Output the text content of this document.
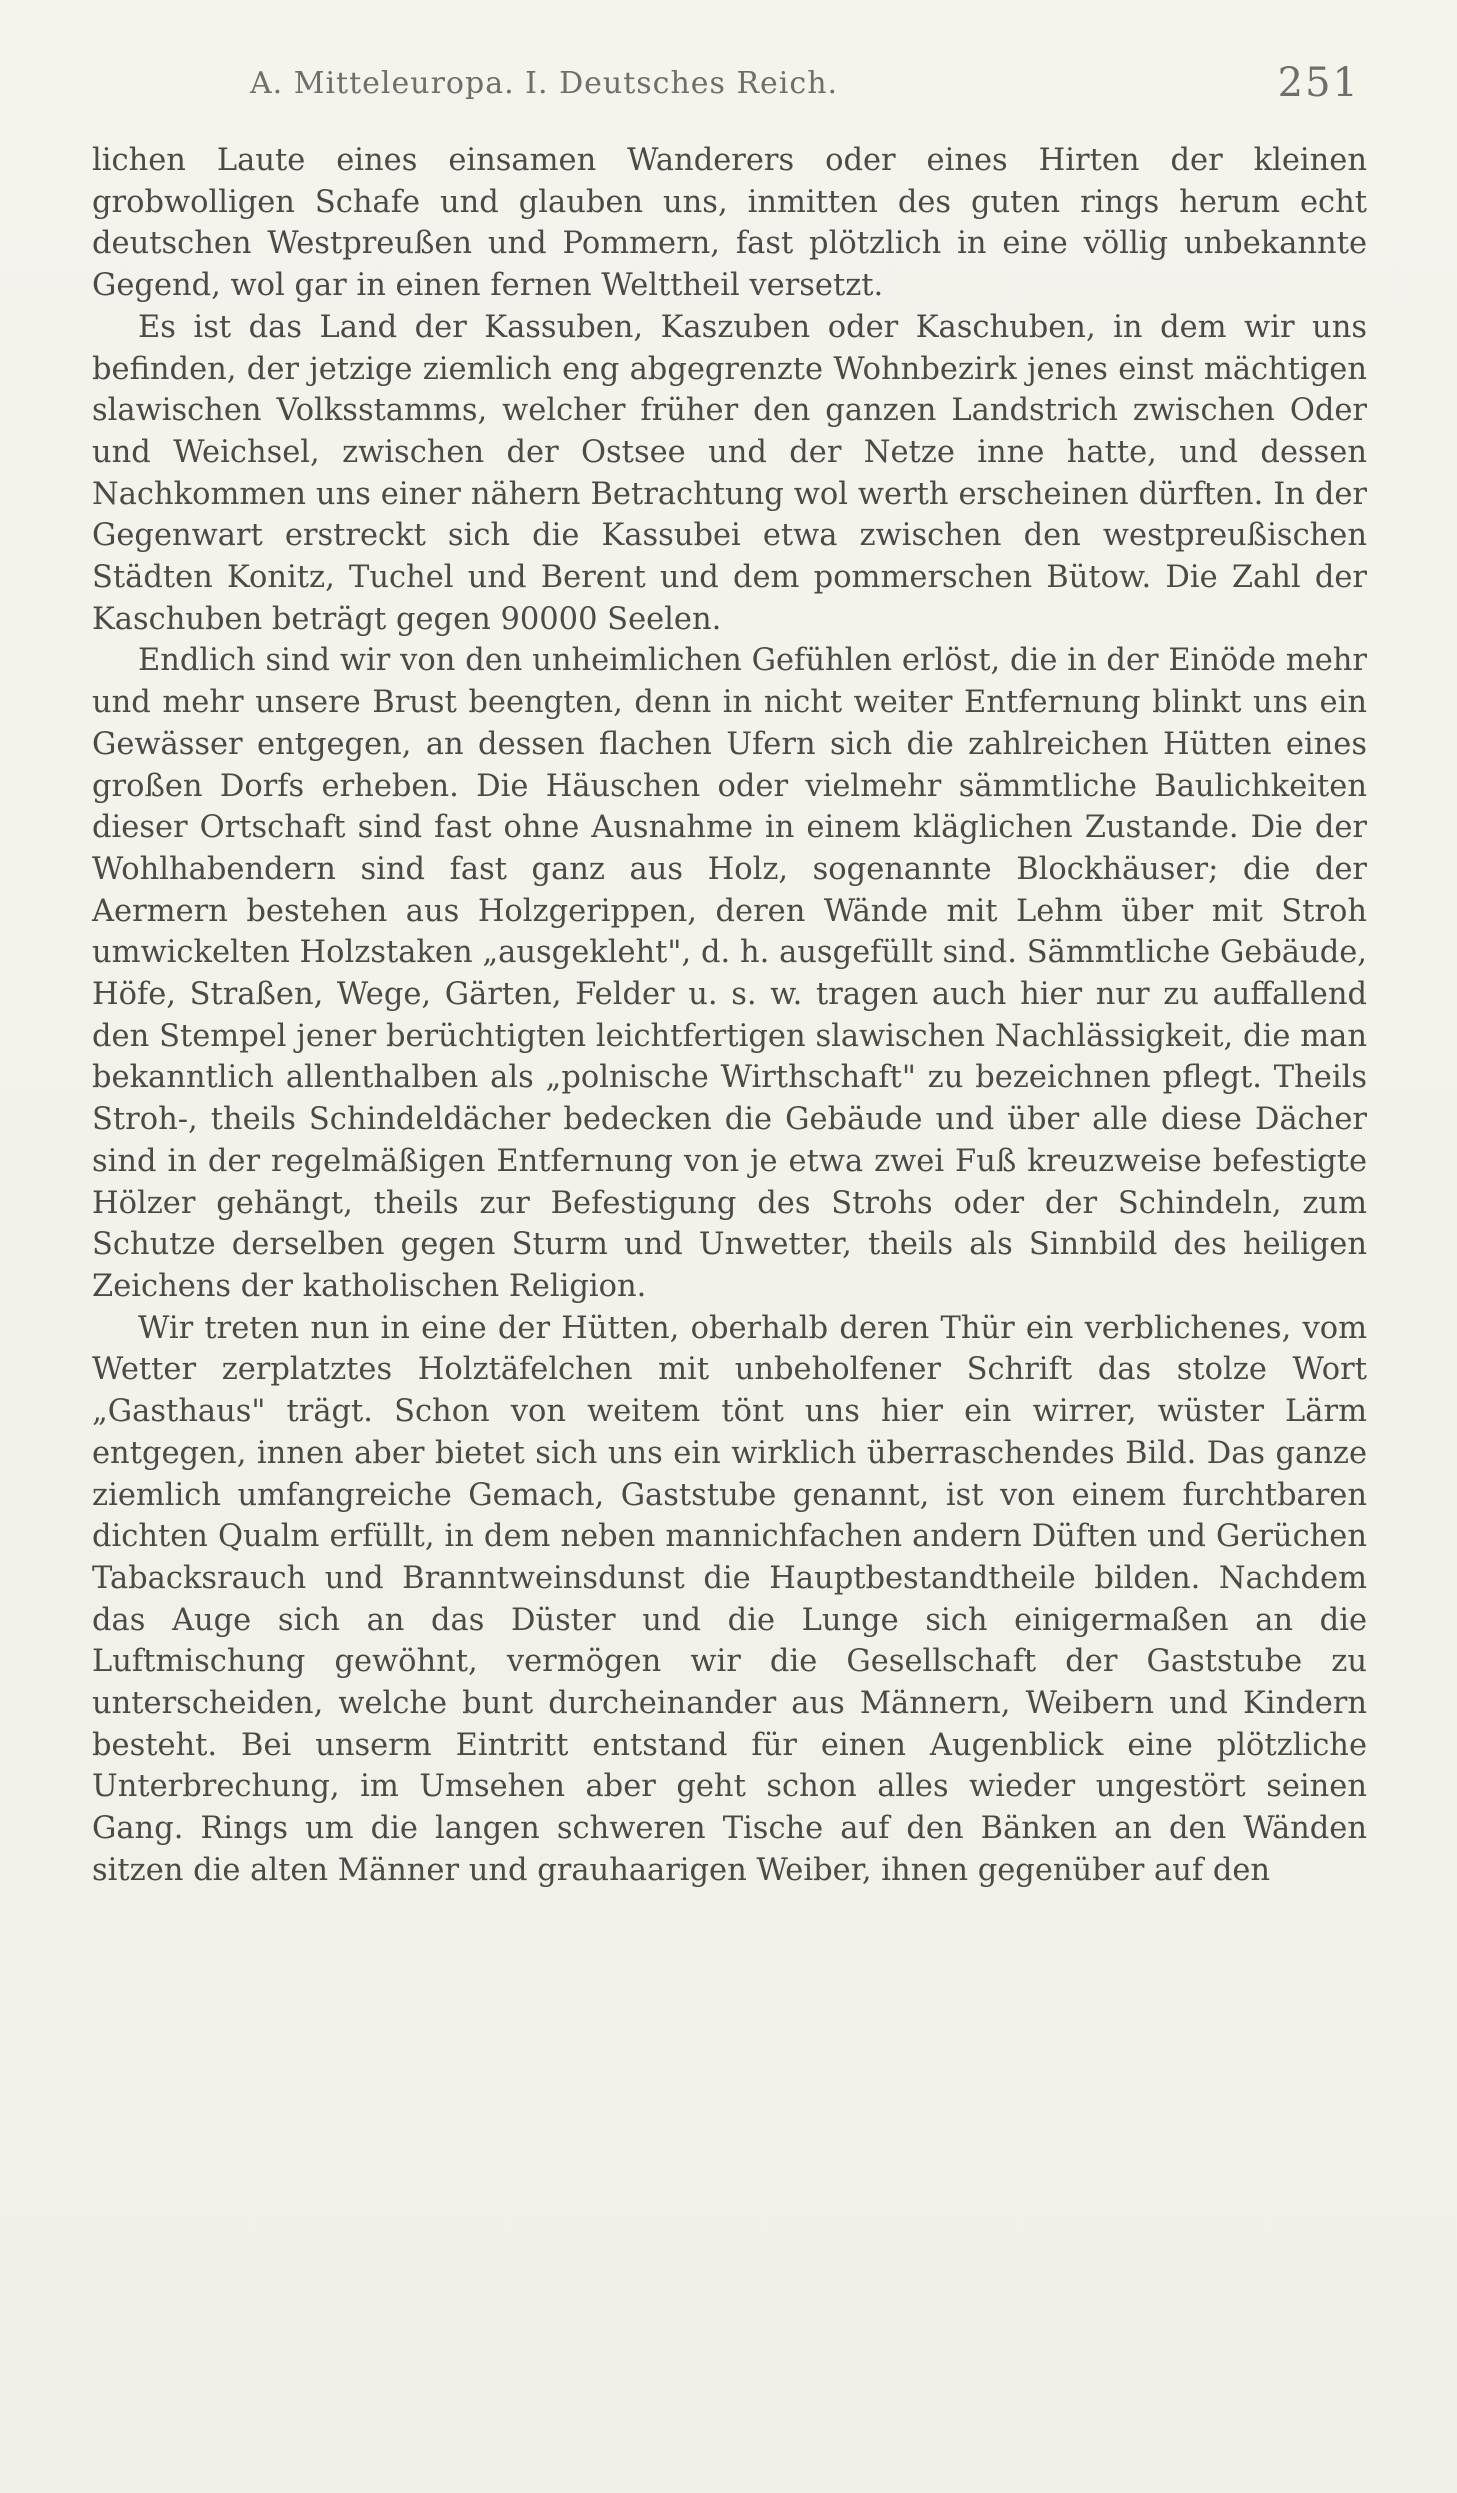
A. Mitteleuropa. I. Deutsches Reich.	251

lichen Laute eines einsamen Wanderers oder eines Hirten der kleinen grobwolligen Schafe und glauben uns, inmitten des guten rings herum echt deutschen Westpreußen und Pommern, fast plötzlich in eine völlig unbekannte Gegend, wol gar in einen fernen Welttheil versetzt.

Es ist das Land der Kassuben, Kaszuben oder Kaschuben, in dem wir uns befinden, der jetzige ziemlich eng abgegrenzte Wohnbezirk jenes einst mächtigen slawischen Volksstamms, welcher früher den ganzen Landstrich zwischen Oder und Weichsel, zwischen der Ostsee und der Netze inne hatte, und dessen Nachkommen uns einer nähern Betrachtung wol werth erscheinen dürften. In der Gegenwart erstreckt sich die Kassubei etwa zwischen den westpreußischen Städten Konitz, Tuchel und Berent und dem pommerschen Bütow. Die Zahl der Kaschuben beträgt gegen 90000 Seelen.

Endlich sind wir von den unheimlichen Gefühlen erlöst, die in der Einöde mehr und mehr unsere Brust beengten, denn in nicht weiter Entfernung blinkt uns ein Gewässer entgegen, an dessen flachen Ufern sich die zahlreichen Hütten eines großen Dorfs erheben. Die Häuschen oder vielmehr sämmtliche Baulichkeiten dieser Ortschaft sind fast ohne Ausnahme in einem kläglichen Zustande. Die der Wohlhabendern sind fast ganz aus Holz, sogenannte Blockhäuser; die der Aermern bestehen aus Holzgerippen, deren Wände mit Lehm über mit Stroh umwickelten Holzstaken „ausgekleht", d. h. ausgefüllt sind. Sämmtliche Gebäude, Höfe, Straßen, Wege, Gärten, Felder u. s. w. tragen auch hier nur zu auffallend den Stempel jener berüchtigten leichtfertigen slawischen Nachlässigkeit, die man bekanntlich allenthalben als „polnische Wirthschaft" zu bezeichnen pflegt. Theils Stroh-, theils Schindeldächer bedecken die Gebäude und über alle diese Dächer sind in der regelmäßigen Entfernung von je etwa zwei Fuß kreuzweise befestigte Hölzer gehängt, theils zur Befestigung des Strohs oder der Schindeln, zum Schutze derselben gegen Sturm und Unwetter, theils als Sinnbild des heiligen Zeichens der katholischen Religion.

Wir treten nun in eine der Hütten, oberhalb deren Thür ein verblichenes, vom Wetter zerplatztes Holztäfelchen mit unbeholfener Schrift das stolze Wort „Gasthaus" trägt. Schon von weitem tönt uns hier ein wirrer, wüster Lärm entgegen, innen aber bietet sich uns ein wirklich überraschendes Bild. Das ganze ziemlich umfangreiche Gemach, Gaststube genannt, ist von einem furchtbaren dichten Qualm erfüllt, in dem neben mannichfachen andern Düften und Gerüchen Tabacksrauch und Branntweinsdunst die Hauptbestandtheile bilden. Nachdem das Auge sich an das Düster und die Lunge sich einigermaßen an die Luftmischung gewöhnt, vermögen wir die Gesellschaft der Gaststube zu unterscheiden, welche bunt durcheinander aus Männern, Weibern und Kindern besteht. Bei unserm Eintritt entstand für einen Augenblick eine plötzliche Unterbrechung, im Umsehen aber geht schon alles wieder ungestört seinen Gang. Rings um die langen schweren Tische auf den Bänken an den Wänden sitzen die alten Männer und grauhaarigen Weiber, ihnen gegenüber auf den
